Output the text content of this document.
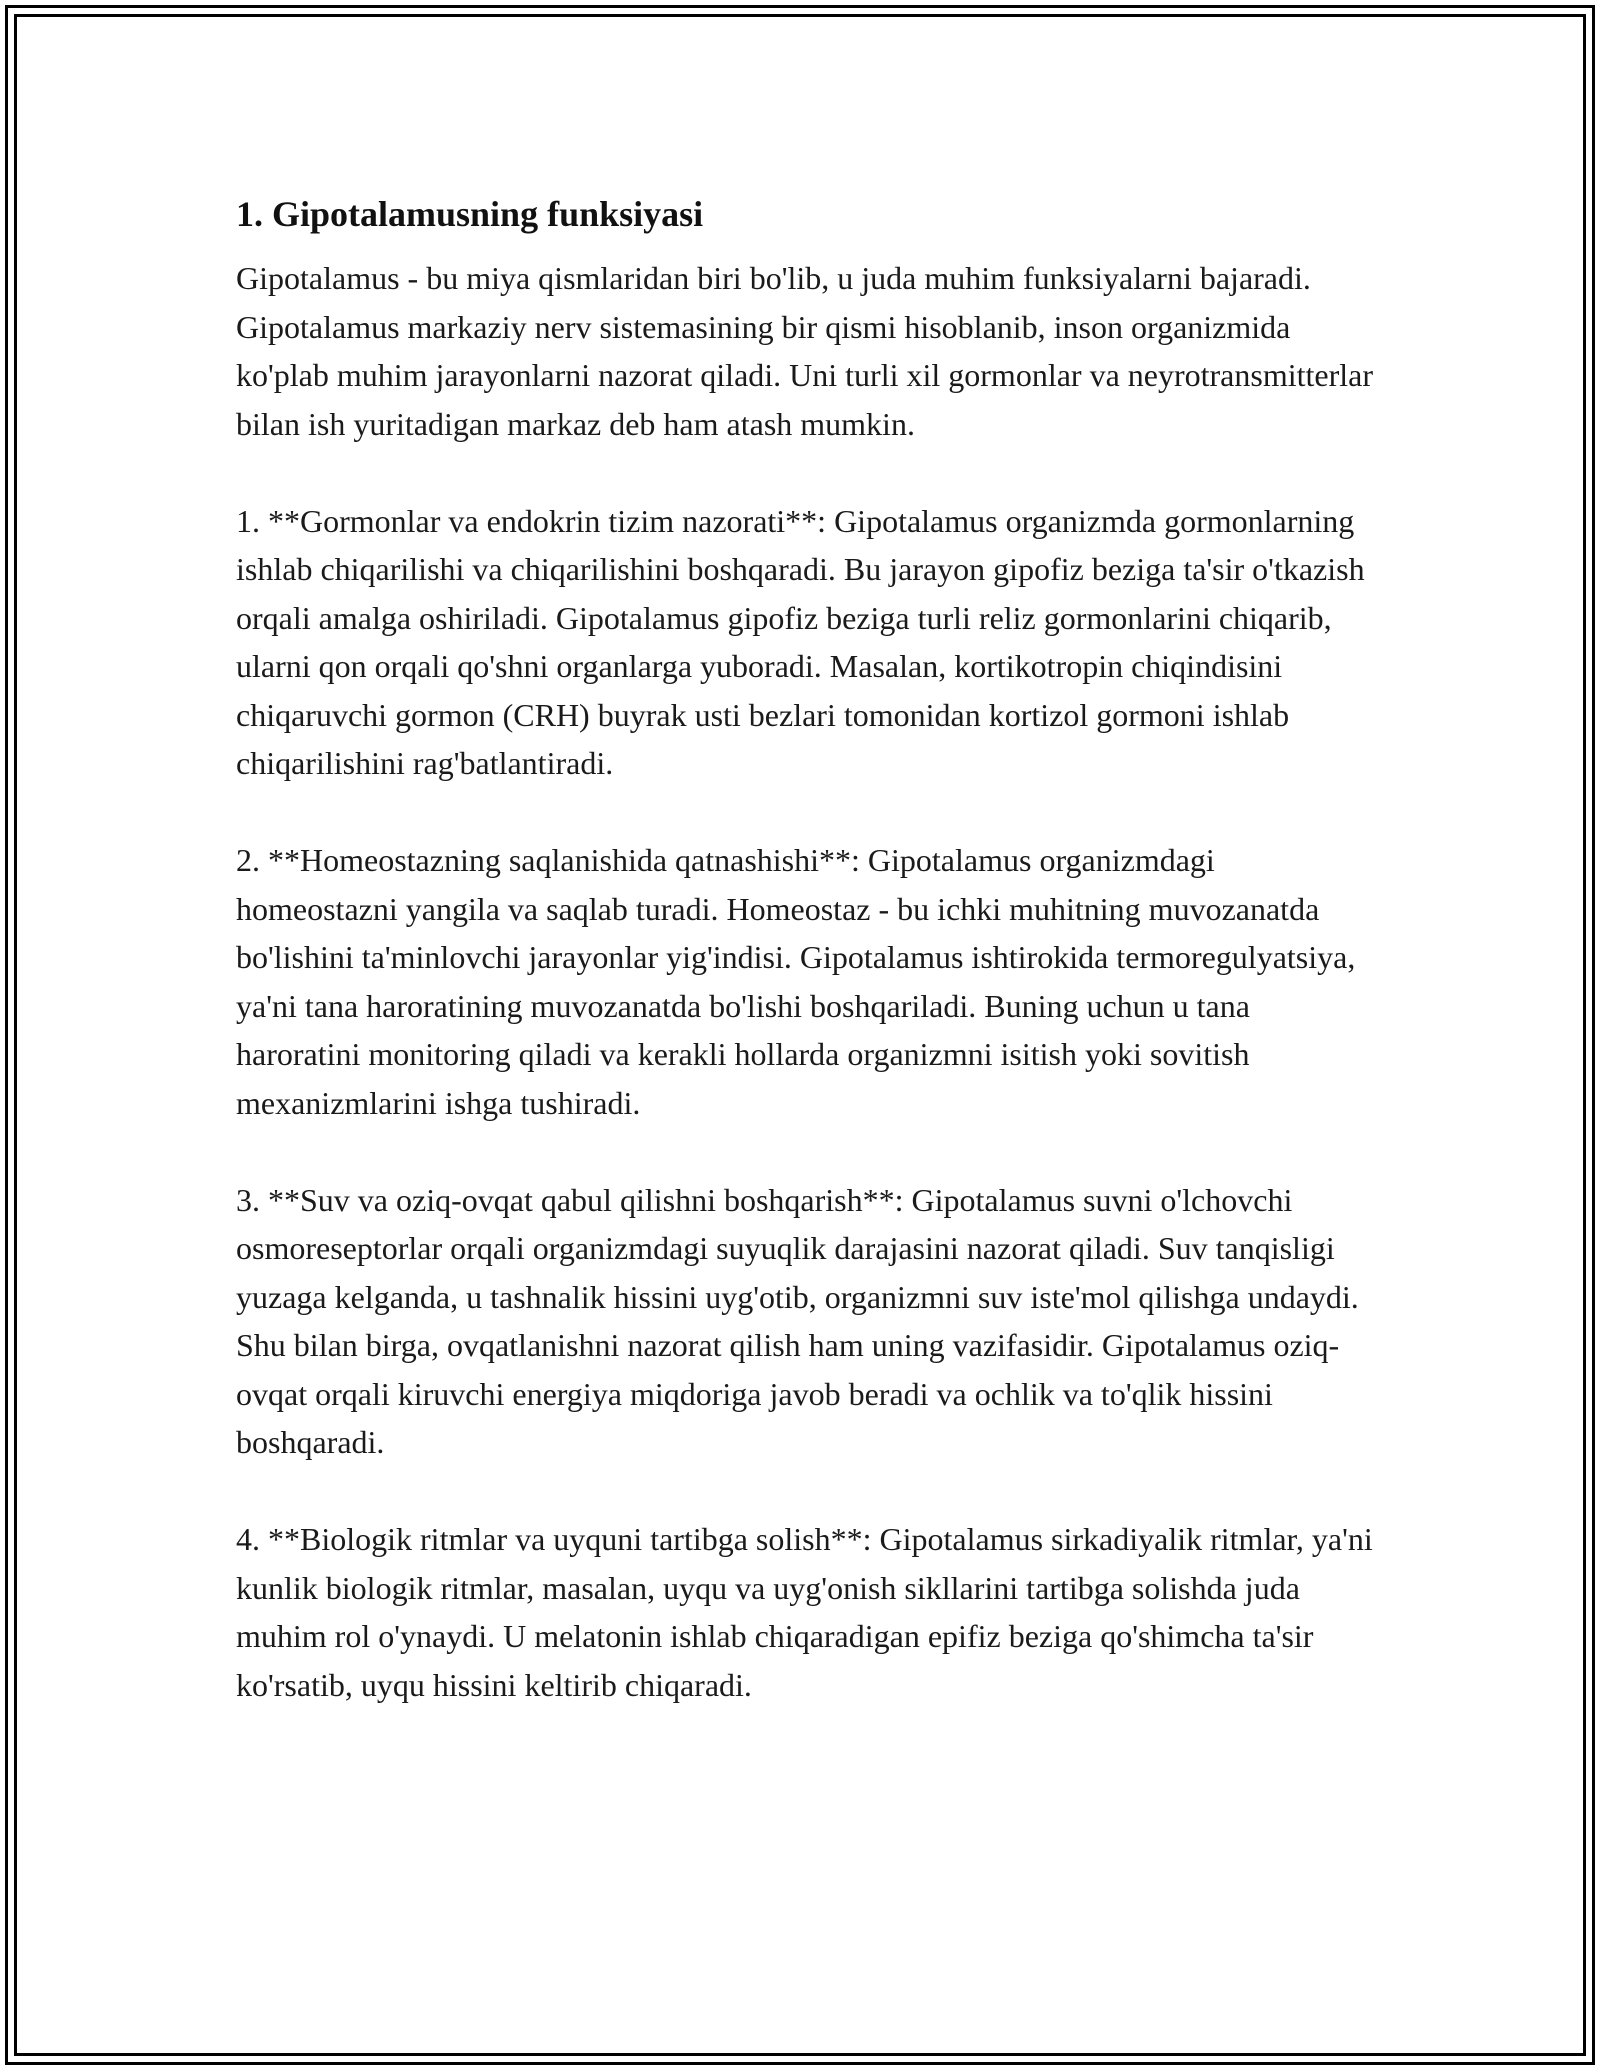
1. Gipotalamusning funksiyasi

Gipotalamus - bu miya qismlaridan biri bo'lib, u juda muhim funksiyalarni bajaradi. Gipotalamus markaziy nerv sistemasining bir qismi hisoblanib, inson organizmida ko'plab muhim jarayonlarni nazorat qiladi. Uni turli xil gormonlar va neyrotransmitterlar bilan ish yuritadigan markaz deb ham atash mumkin.

1. **Gormonlar va endokrin tizim nazorati**: Gipotalamus organizmda gormonlarning ishlab chiqarilishi va chiqarilishini boshqaradi. Bu jarayon gipofiz beziga ta'sir o'tkazish orqali amalga oshiriladi. Gipotalamus gipofiz beziga turli reliz gormonlarini chiqarib, ularni qon orqali qo'shni organlarga yuboradi. Masalan, kortikotropin chiqindisini chiqaruvchi gormon (CRH) buyrak usti bezlari tomonidan kortizol gormoni ishlab chiqarilishini rag'batlantiradi.

2. **Homeostazning saqlanishida qatnashishi**: Gipotalamus organizmdagi homeostazni yangila va saqlab turadi. Homeostaz - bu ichki muhitning muvozanatda bo'lishini ta'minlovchi jarayonlar yig'indisi. Gipotalamus ishtirokida termoregulyatsiya, ya'ni tana haroratining muvozanatda bo'lishi boshqariladi. Buning uchun u tana haroratini monitoring qiladi va kerakli hollarda organizmni isitish yoki sovitish mexanizmlarini ishga tushiradi.

3. **Suv va oziq-ovqat qabul qilishni boshqarish**: Gipotalamus suvni o'lchovchi osmoreseptorlar orqali organizmdagi suyuqlik darajasini nazorat qiladi. Suv tanqisligi yuzaga kelganda, u tashnalik hissini uyg'otib, organizmni suv iste'mol qilishga undaydi. Shu bilan birga, ovqatlanishni nazorat qilish ham uning vazifasidir. Gipotalamus oziq-ovqat orqali kiruvchi energiya miqdoriga javob beradi va ochlik va to'qlik hissini boshqaradi.

4. **Biologik ritmlar va uyquni tartibga solish**: Gipotalamus sirkadiyalik ritmlar, ya'ni kunlik biologik ritmlar, masalan, uyqu va uyg'onish sikllarini tartibga solishda juda muhim rol o'ynaydi. U melatonin ishlab chiqaradigan epifiz beziga qo'shimcha ta'sir ko'rsatib, uyqu hissini keltirib chiqaradi.
